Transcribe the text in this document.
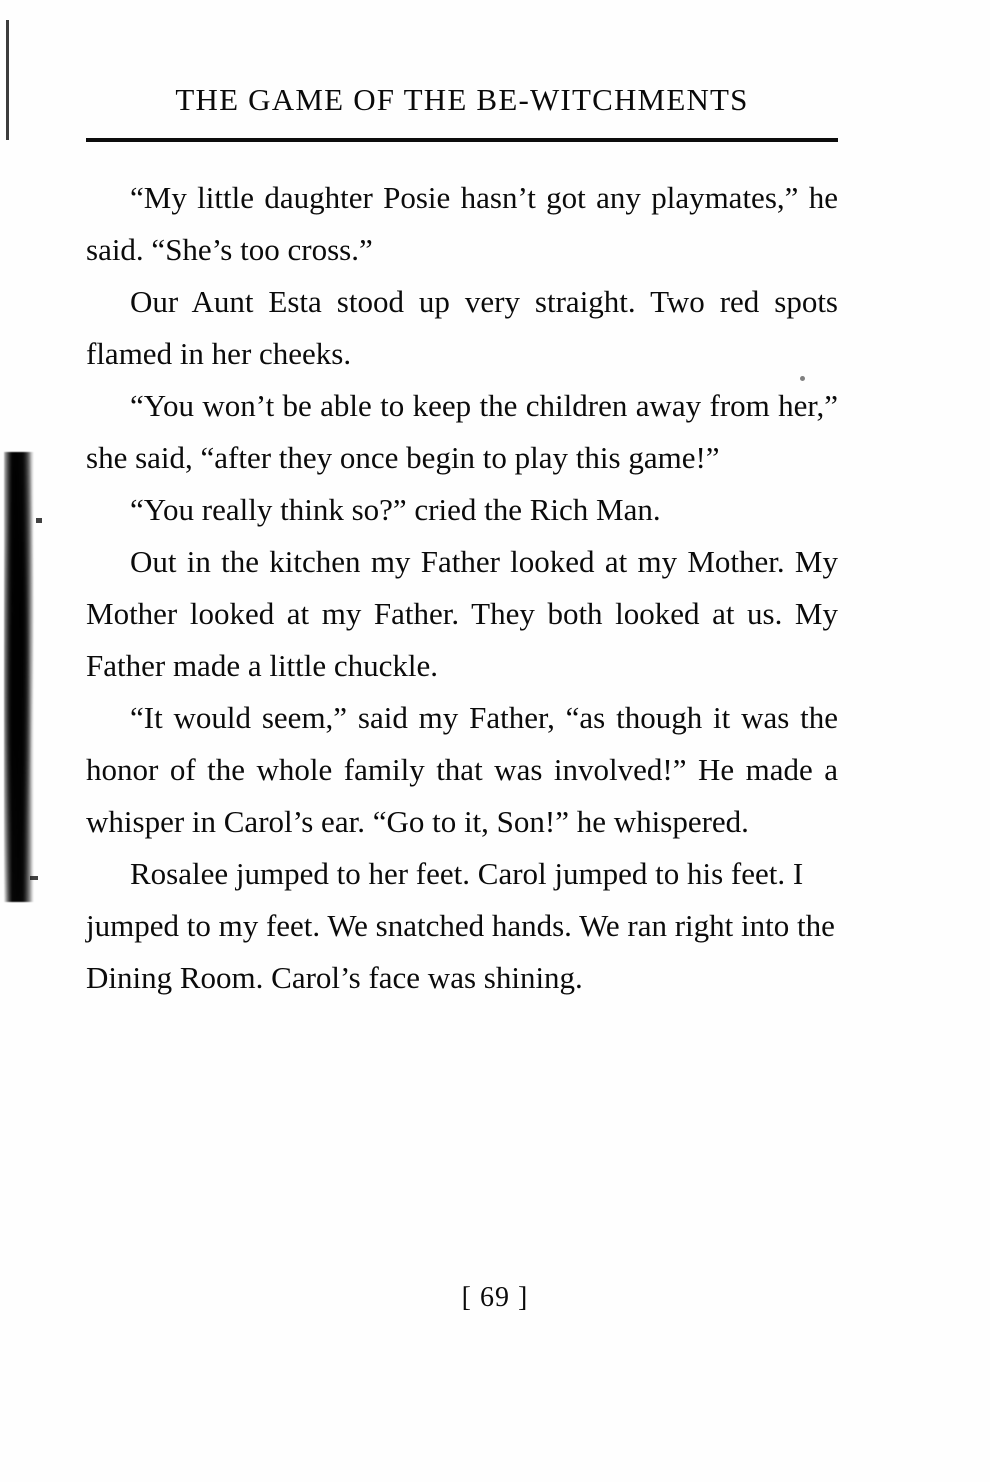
THE GAME OF THE BE-WITCHMENTS

“My little daughter Posie hasn’t got any playmates,” he said. “She’s too cross.”

Our Aunt Esta stood up very straight. Two red spots flamed in her cheeks.

“You won’t be able to keep the children away from her,” she said, “after they once begin to play this game!”

“You really think so?” cried the Rich Man.

Out in the kitchen my Father looked at my Mother. My Mother looked at my Father. They both looked at us. My Father made a little chuckle.

“It would seem,” said my Father, “as though it was the honor of the whole family that was involved!” He made a whisper in Carol’s ear. “Go to it, Son!” he whispered.

Rosalee jumped to her feet. Carol jumped to his feet. I jumped to my feet. We snatched hands. We ran right into the Dining Room. Carol’s face was shining.

[ 69 ]
